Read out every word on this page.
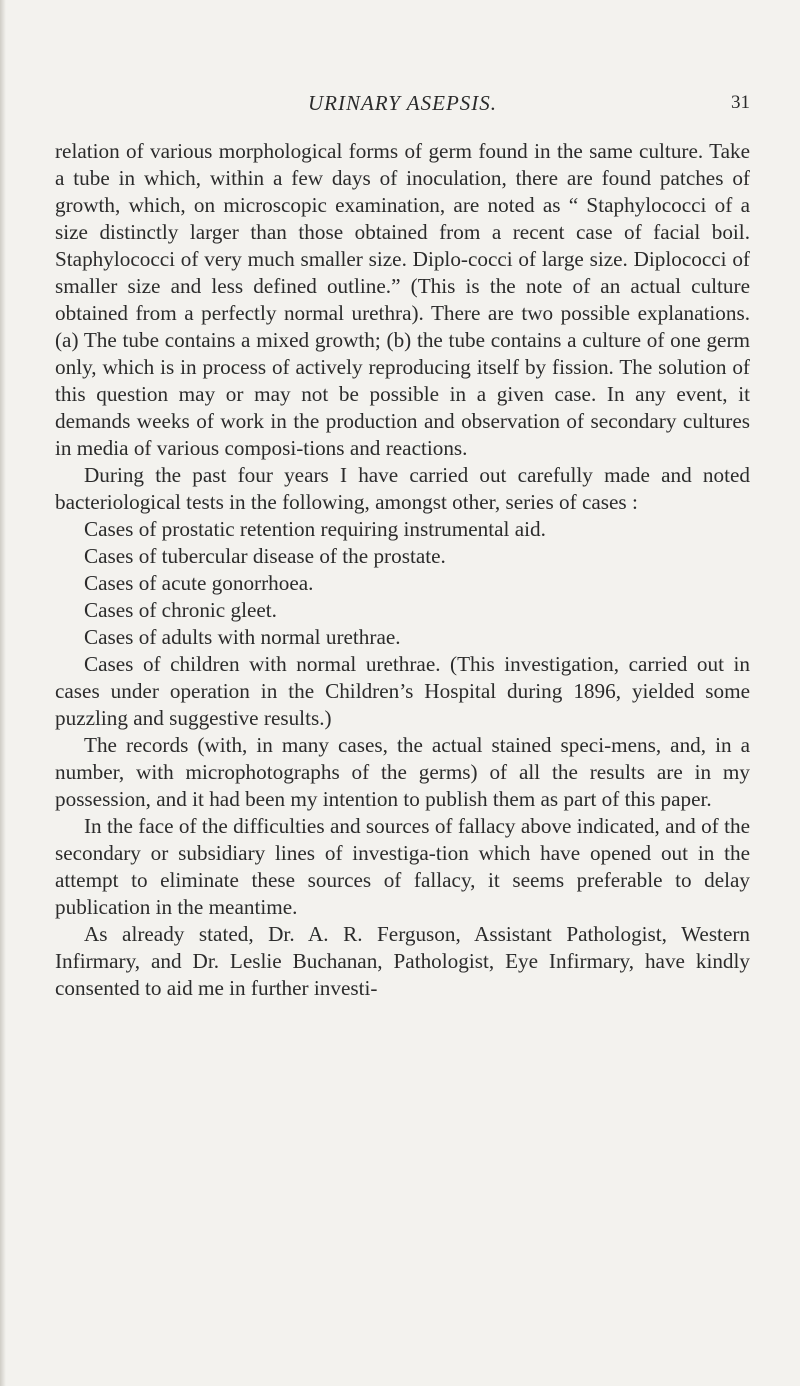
URINARY ASEPSIS.	31

relation of various morphological forms of germ found in the same culture. Take a tube in which, within a few days of inoculation, there are found patches of growth, which, on microscopic examination, are noted as “ Staphylococci of a size distinctly larger than those obtained from a recent case of facial boil. Staphylococci of very much smaller size. Diplo-cocci of large size. Diplococci of smaller size and less defined outline.” (This is the note of an actual culture obtained from a perfectly normal urethra). There are two possible explanations. (a) The tube contains a mixed growth; (b) the tube contains a culture of one germ only, which is in process of actively reproducing itself by fission. The solution of this question may or may not be possible in a given case. In any event, it demands weeks of work in the production and observation of secondary cultures in media of various composi-tions and reactions.

During the past four years I have carried out carefully made and noted bacteriological tests in the following, amongst other, series of cases :

Cases of prostatic retention requiring instrumental aid.

Cases of tubercular disease of the prostate.

Cases of acute gonorrhoea.

Cases of chronic gleet.

Cases of adults with normal urethrae.

Cases of children with normal urethrae. (This investigation, carried out in cases under operation in the Children’s Hospital during 1896, yielded some puzzling and suggestive results.)

The records (with, in many cases, the actual stained speci-mens, and, in a number, with microphotographs of the germs) of all the results are in my possession, and it had been my intention to publish them as part of this paper.

In the face of the difficulties and sources of fallacy above indicated, and of the secondary or subsidiary lines of investiga-tion which have opened out in the attempt to eliminate these sources of fallacy, it seems preferable to delay publication in the meantime.

As already stated, Dr. A. R. Ferguson, Assistant Pathologist, Western Infirmary, and Dr. Leslie Buchanan, Pathologist, Eye Infirmary, have kindly consented to aid me in further investi-
